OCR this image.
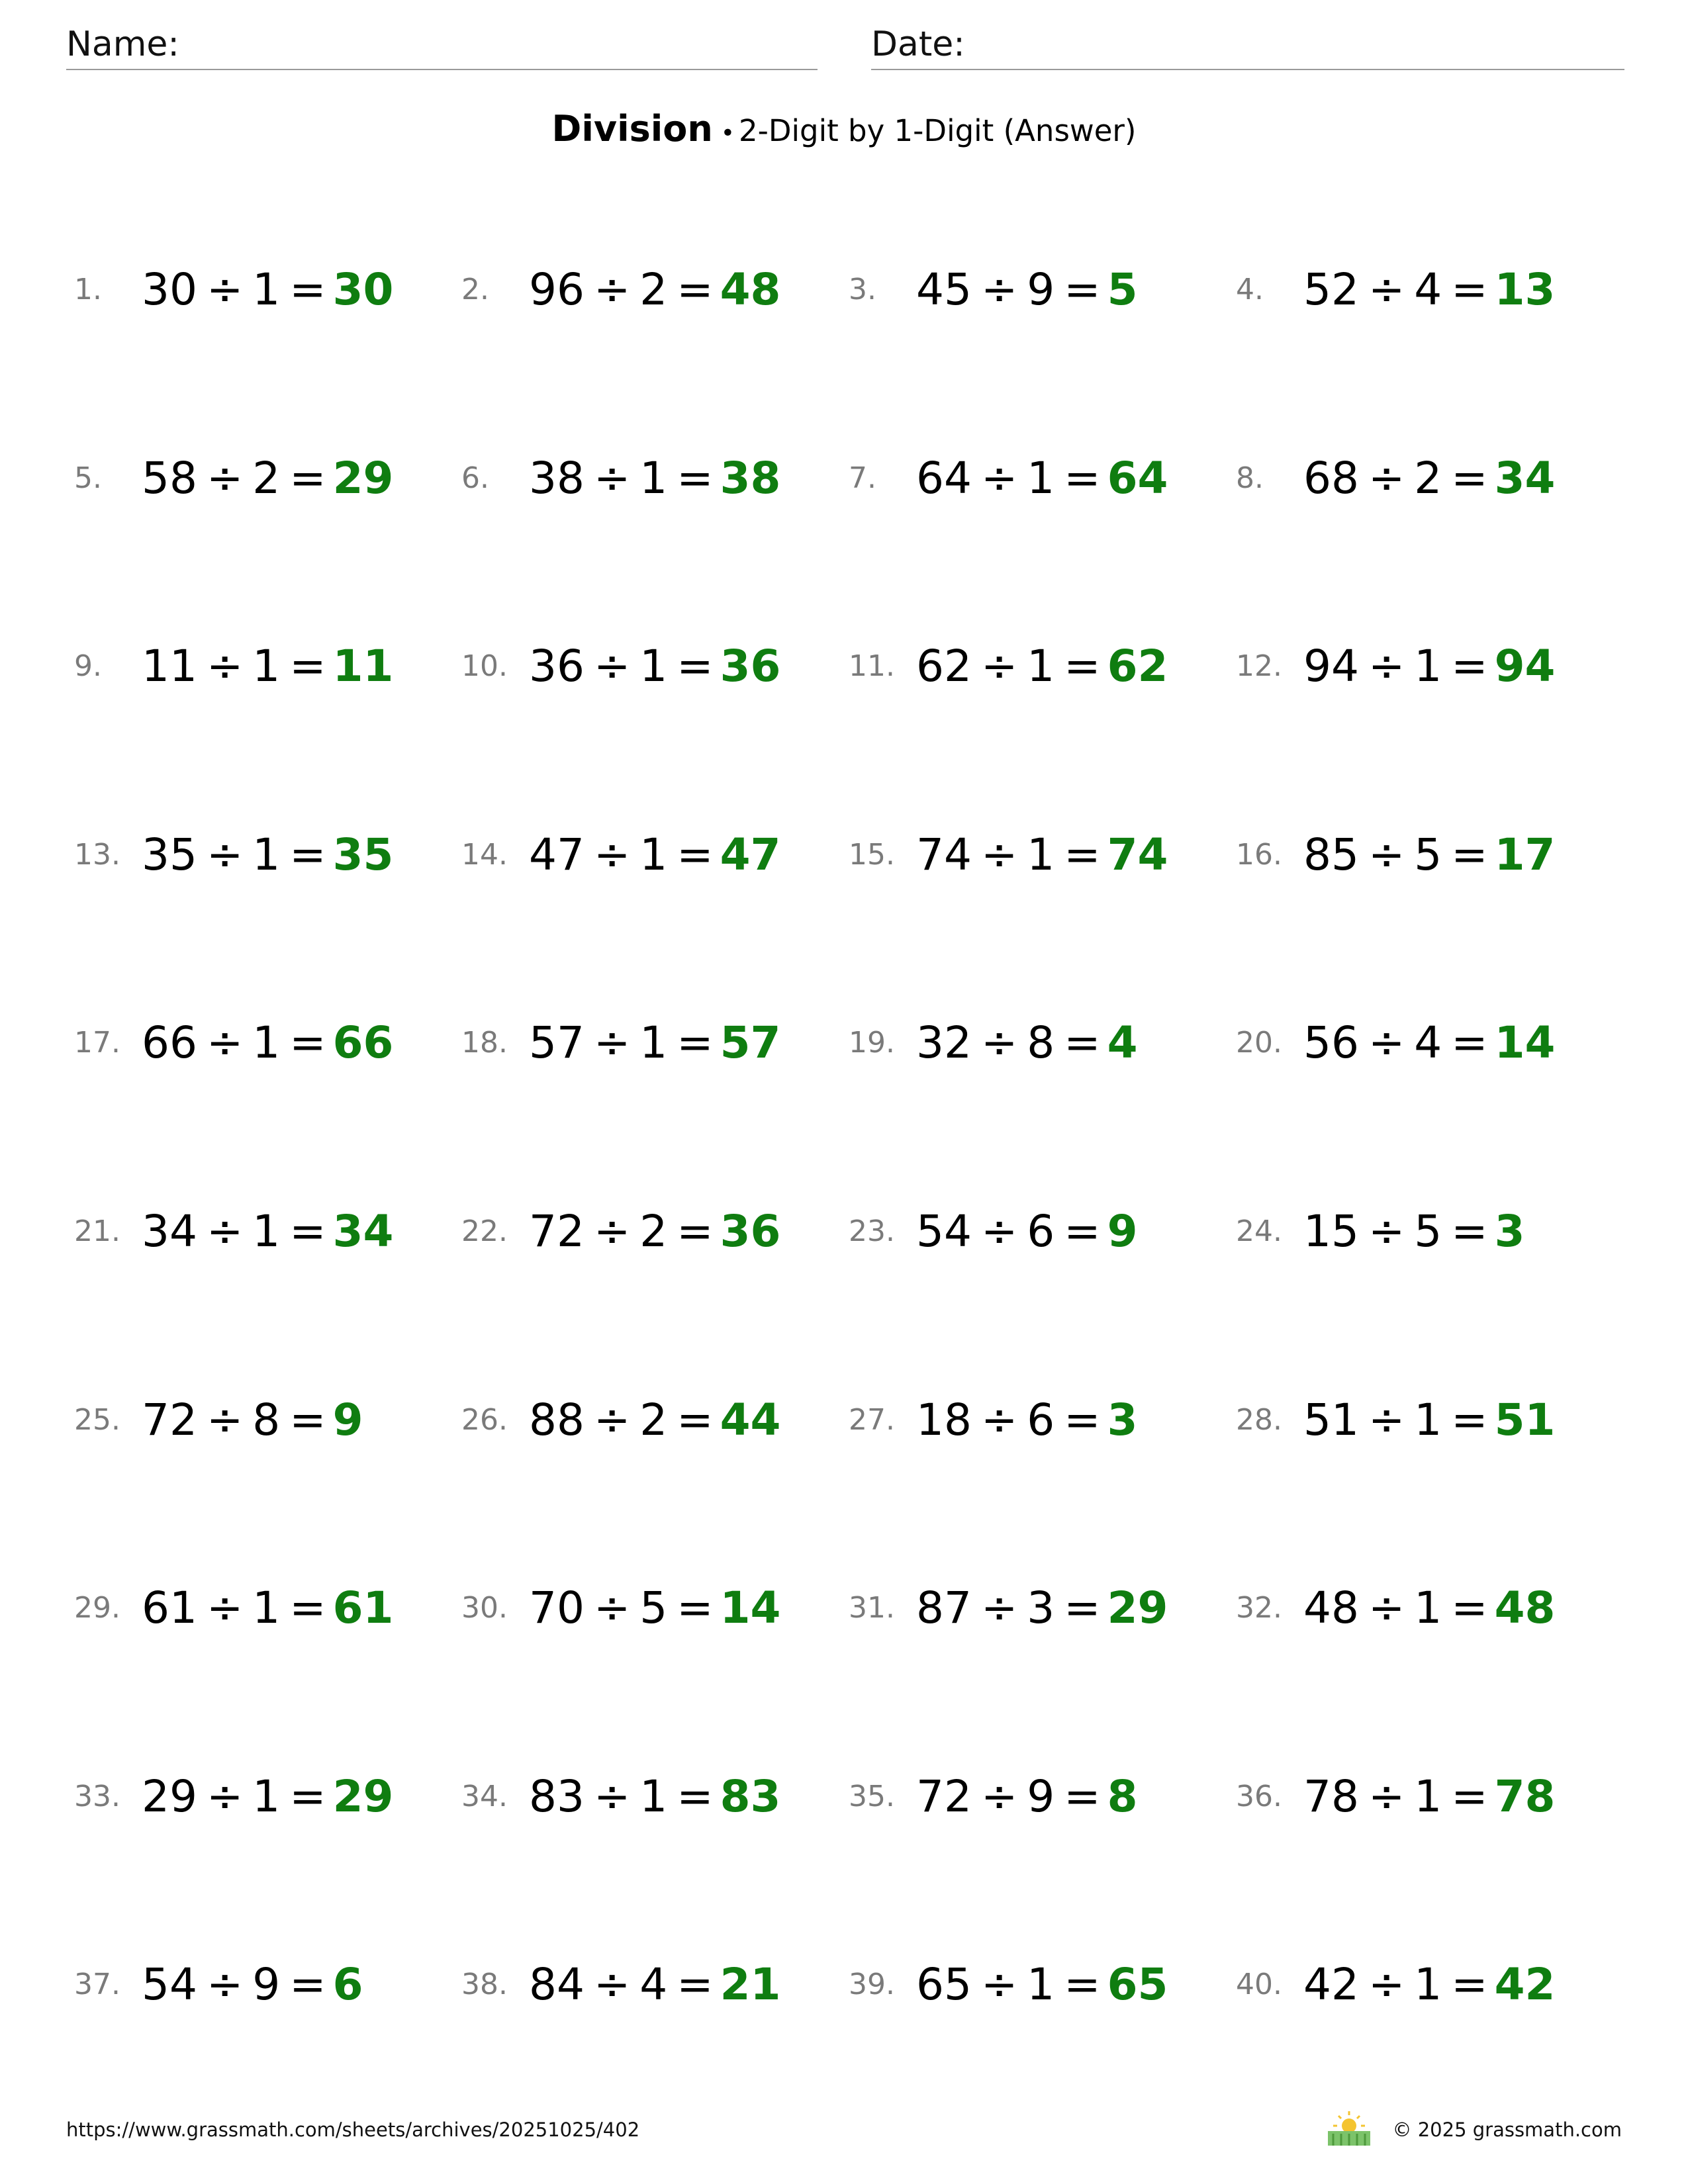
Name:	Date:
Division • 2-Digit by 1-Digit (Answer)
1. 30 ÷ 1 = 30 2. 96 ÷ 2 = 48 3. 45 ÷ 9 = 5	4. 52 ÷ 4 = 13
5. 58 ÷ 2 = 29 6. 38 ÷ 1 = 38 7. 64 ÷ 1 = 64 8. 68 ÷ 2 = 34
9. 11 ÷ 1 = 11 10. 36 ÷ 1 = 36 11. 62 ÷ 1 = 62 12. 94 ÷ 1 = 94
13. 35 ÷ 1 = 35 14. 47 ÷ 1 = 47 15. 74 ÷ 1 = 74 16. 85 ÷ 5 = 17
17. 66 ÷ 1 = 66 18. 57 ÷ 1 = 57 19. 32 ÷ 8 = 4	20. 56 ÷ 4 = 14
21. 34 ÷ 1 = 34 22. 72 ÷ 2 = 36 23. 54 ÷ 6 = 9	24. 15 ÷ 5 = 3
25. 72 ÷ 8 = 9	26. 88 ÷ 2 = 44 27. 18 ÷ 6 = 3	28. 51 ÷ 1 = 51
29. 61 ÷ 1 = 61 30. 70 ÷ 5 = 14 31. 87 ÷ 3 = 29 32. 48 ÷ 1 = 48
33. 29 ÷ 1 = 29 34. 83 ÷ 1 = 83 35. 72 ÷ 9 = 8	36. 78 ÷ 1 = 78
37. 54 ÷ 9 = 6	38. 84 ÷ 4 = 21 39. 65 ÷ 1 = 65 40. 42 ÷ 1 = 42
https://www.grassmath.com/sheets/archives/20251025/402	© 2025 grassmath.com
